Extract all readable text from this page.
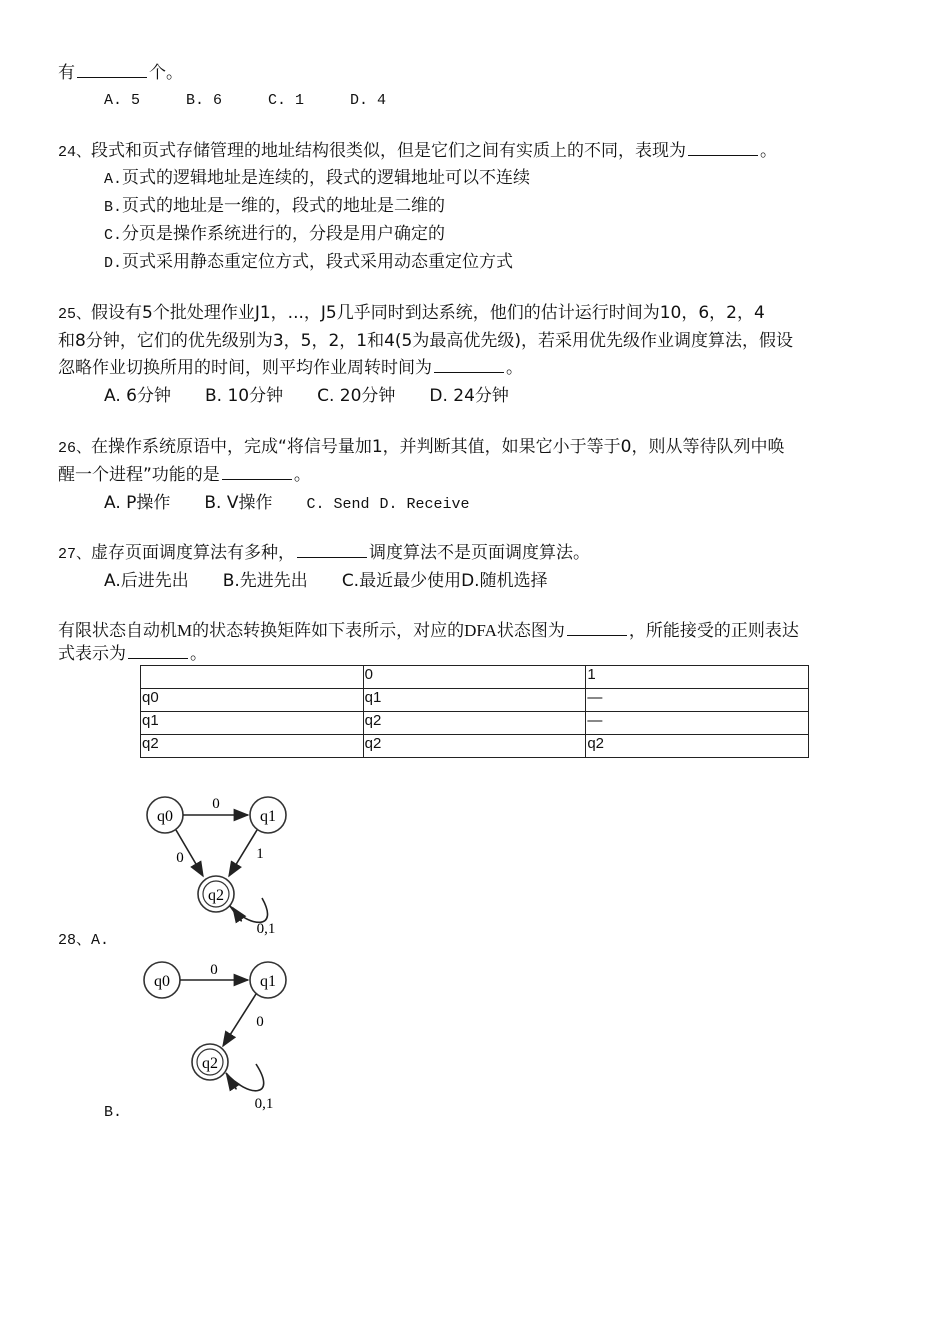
有	个。
A. 5	B. 6	C. 1	D. 4
24、段式和页式存储管理的地址结构很类似，但是它们之间有实质上的不同，表现为	。
A.页式的逻辑地址是连续的，段式的逻辑地址可以不连续
B.页式的地址是一维的，段式的地址是二维的
C.分页是操作系统进行的，分段是用户确定的
D.页式采用静态重定位方式，段式采用动态重定位方式
25、假设有5个批处理作业J1，...，J5几乎同时到达系统，他们的估计运行时间为10，6，2，4
和8分钟，它们的优先级别为3，5，2，1和4(5为最高优先级)，若采用优先级作业调度算法，假设
忽略作业切换所用的时间，则平均作业周转时间为	。
A. 6分钟 B. 10分钟 C. 20分钟 D. 24分钟
26、在操作系统原语中，完成“将信号量加1，并判断其值，如果它小于等于0，则从等待队列中唤
醒一个进程”功能的是	。
A. P操作 B. V操作 C. Send D. Receive
27、虚存页面调度算法有多种，	调度算法不是页面调度算法。
A.后进先出 B.先进先出 C.最近最少使用D.随机选择
有限状态自动机M的状态转换矩阵如下表所示，对应的DFA状态图为	，所能接受的正则表达
式表示为	。
	0	1
q0	q1	—
q1	q2	—
q2	q2	q2
q0	q1
q2
0
0	1
0,1
28、A.
q0	q1
q2
0
0
0,1
B.
